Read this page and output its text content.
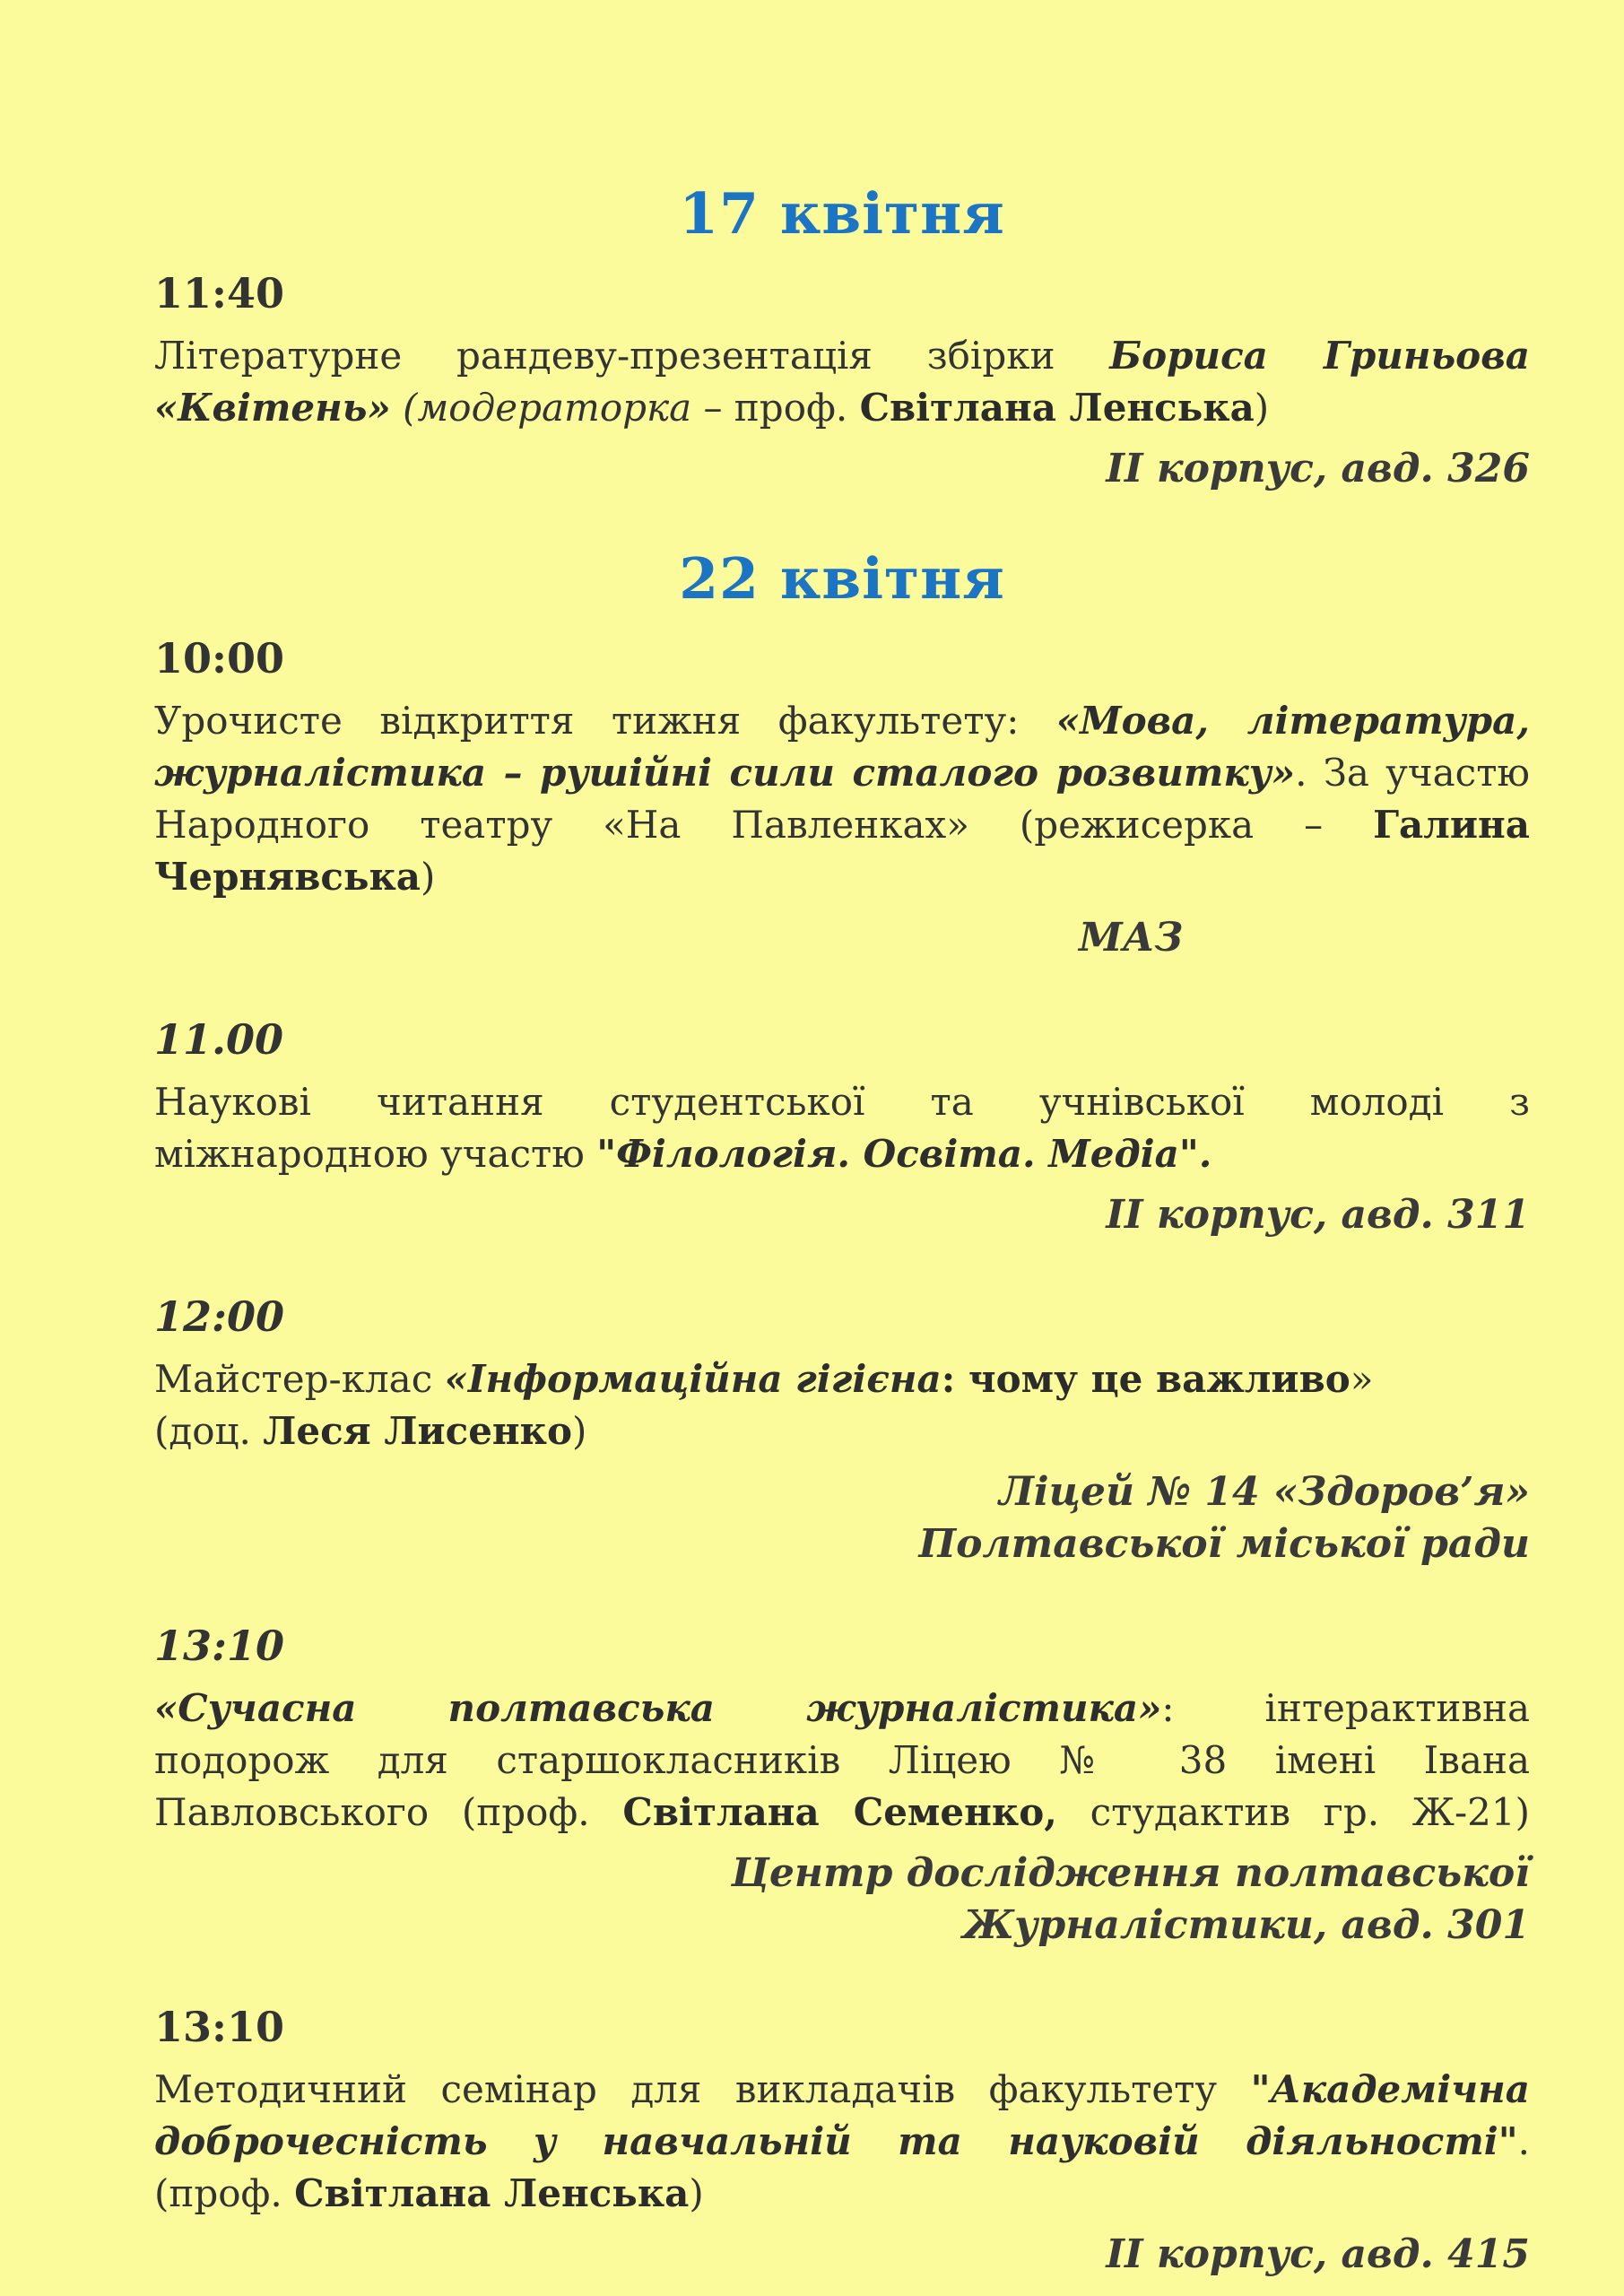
17 квітня
11:40
Літературне рандеву-презентація збірки Бориса Гриньова
«Квітень» (модераторка – проф. Світлана Ленська)
ІІ корпус, авд. 326
22 квітня
10:00
Урочисте відкриття тижня факультету: «Мова, література,
журналістика – рушійні сили сталого розвитку». За участю
Народного театру «На Павленках» (режисерка – Галина
Чернявська)
МАЗ
11.00
Наукові читання студентської та учнівської молоді з
міжнародною участю "Філологія. Освіта. Медіа".
ІІ корпус, авд. 311
12:00
Майстер-клас «Інформаційна гігієна: чому це важливо»
(доц. Леся Лисенко)
Ліцей № 14 «Здоров’я»
Полтавської міської ради
13:10
«Сучасна полтавська журналістика»: інтерактивна
подорож для старшокласників Ліцею № 38 імені Івана
Павловського (проф. Світлана Семенко, студактив гр. Ж-21)
Центр дослідження полтавської
Журналістики, авд. 301
13:10
Методичний семінар для викладачів факультету "Академічна
доброчесність у навчальній та науковій діяльності".
(проф. Світлана Ленська)
ІІ корпус, авд. 415
